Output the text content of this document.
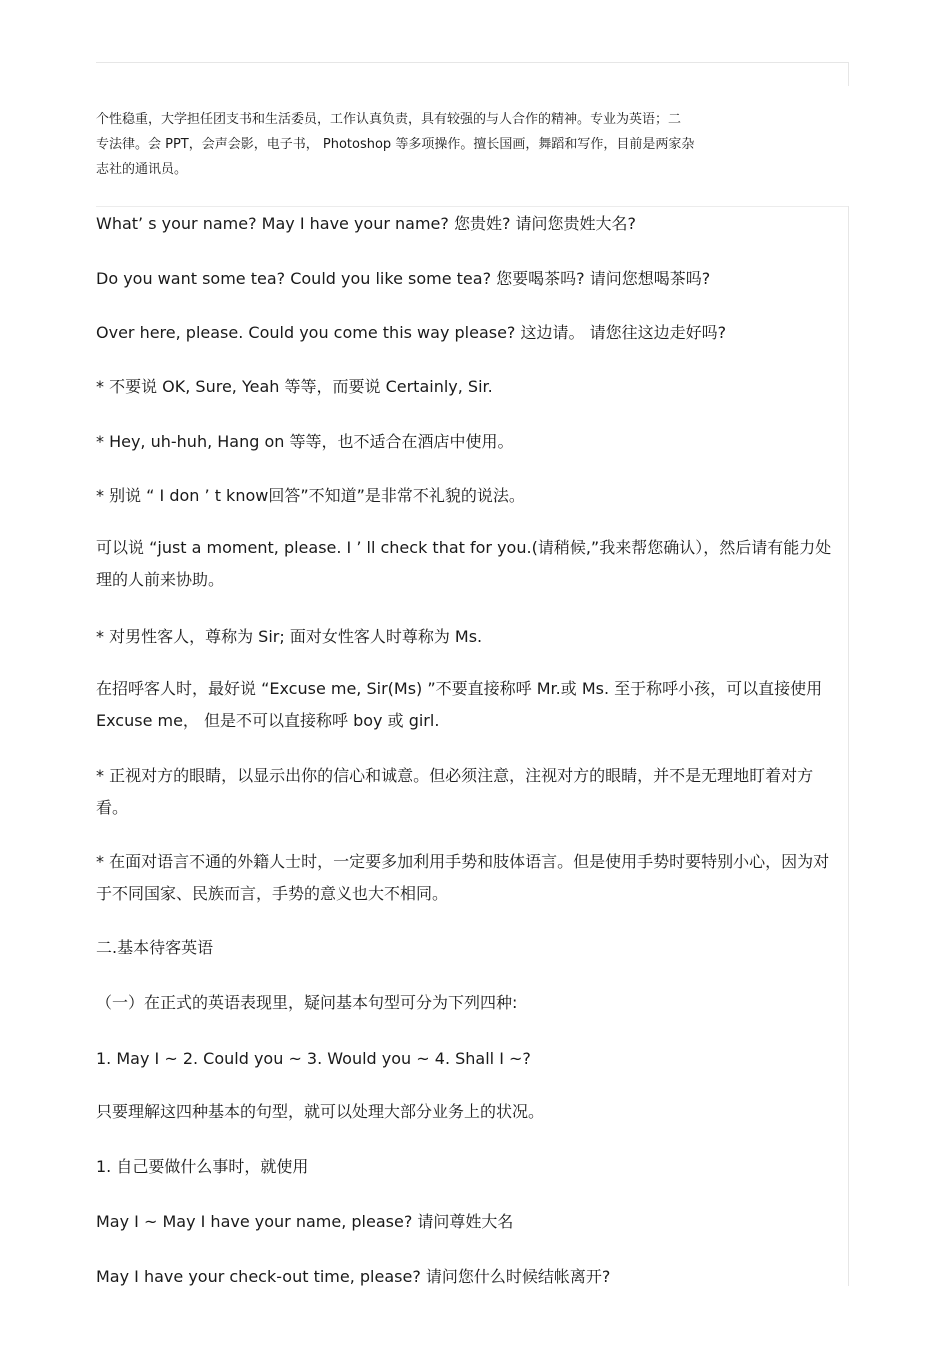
个性稳重，大学担任团支书和生活委员，工作认真负责，具有较强的与人合作的精神。专业为英语；二

专法律。会 PPT，会声会影，电子书， Photoshop 等多项操作。擅长国画，舞蹈和写作，目前是两家杂

志社的通讯员。

What’ s your name? May I have your name? 您贵姓? 请问您贵姓大名?
Do you want some tea? Could you like some tea? 您要喝茶吗? 请问您想喝茶吗?
Over here, please. Could you come this way please? 这边请。 请您往这边走好吗?
* 不要说 OK, Sure, Yeah 等等，而要说 Certainly, Sir.
* Hey, uh-huh, Hang on 等等，也不适合在酒店中使用。
* 别说 “ I don ’ t know回答”不知道”是非常不礼貌的说法。
可以说 “just a moment, please. I ’ ll check that for you.(请稍候,”我来帮您确认），然后请有能力处理的人前来协助。
* 对男性客人，尊称为 Sir; 面对女性客人时尊称为 Ms.
在招呼客人时，最好说 “Excuse me, Sir(Ms) ”不要直接称呼 Mr.或 Ms. 至于称呼小孩，可以直接使用 Excuse me， 但是不可以直接称呼 boy 或 girl.
* 正视对方的眼睛，以显示出你的信心和诚意。但必须注意，注视对方的眼睛，并不是无理地盯着对方看。
* 在面对语言不通的外籍人士时，一定要多加利用手势和肢体语言。但是使用手势时要特别小心，因为对于不同国家、民族而言，手势的意义也大不相同。
二.基本待客英语
（一）在正式的英语表现里，疑问基本句型可分为下列四种:
1. May I ~ 2. Could you ~ 3. Would you ~ 4. Shall I ~?
只要理解这四种基本的句型，就可以处理大部分业务上的状况。
1. 自己要做什么事时，就使用
May I ~ May I have your name, please? 请问尊姓大名
May I have your check-out time, please? 请问您什么时候结帐离开?
